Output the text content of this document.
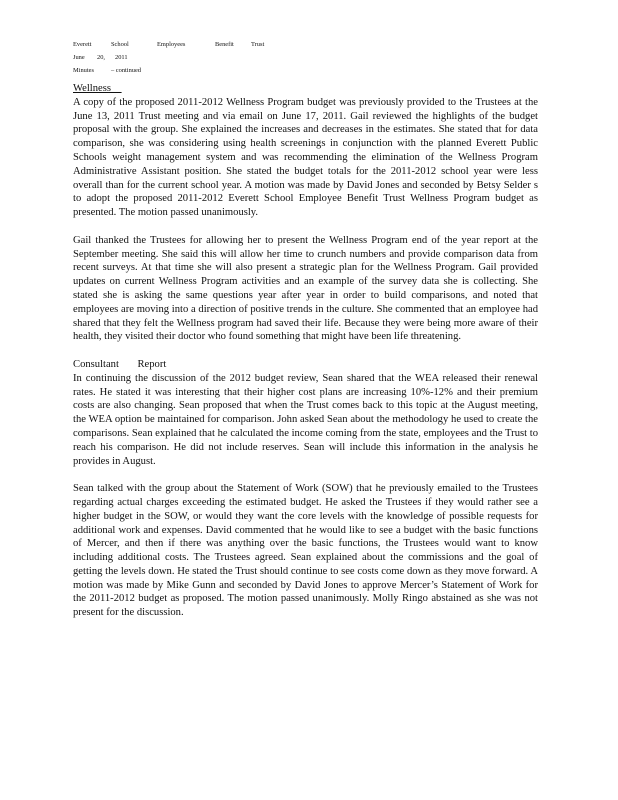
Everett	School	Employees	Benefit	Trust
June	20,	2011
Minutes	– continued

Wellness

A copy of the proposed 2011-2012 Wellness Program budget was previously provided to the Trustees at the June 13, 2011 Trust meeting and via email on June 17, 2011. Gail reviewed the highlights of the budget proposal with the group. She explained the increases and decreases in the estimates. She stated that for data comparison, she was considering using health screenings in conjunction with the planned Everett Public Schools weight management system and was recommending the elimination of the Wellness Program Administrative Assistant position. She stated the budget totals for the 2011-2012 school year were less overall than for the current school year. A motion was made by David Jones and seconded by Betsy Selder s to adopt the proposed 2011-2012 Everett School Employee Benefit Trust Wellness Program budget as presented. The motion passed unanimously.

Gail thanked the Trustees for allowing her to present the Wellness Program end of the year report at the September meeting. She said this will allow her time to crunch numbers and provide comparison data from recent surveys. At that time she will also present a strategic plan for the Wellness Program. Gail provided updates on current Wellness Program activities and an example of the survey data she is collecting. She stated she is asking the same questions year after year in order to build comparisons, and noted that employees are moving into a direction of positive trends in the culture. She commented that an employee had shared that they felt the Wellness program had saved their life. Because they were being more aware of their health, they visited their doctor who found something that might have been life threatening.

Consultant Report

In continuing the discussion of the 2012 budget review, Sean shared that the WEA released their renewal rates. He stated it was interesting that their higher cost plans are increasing 10%-12% and their premium costs are also changing. Sean proposed that when the Trust comes back to this topic at the August meeting, the WEA option be maintained for comparison. John asked Sean about the methodology he used to create the comparisons. Sean explained that he calculated the income coming from the state, employees and the Trust to reach his comparison. He did not include reserves. Sean will include this information in the analysis he provides in August.

Sean talked with the group about the Statement of Work (SOW) that he previously emailed to the Trustees regarding actual charges exceeding the estimated budget. He asked the Trustees if they would rather see a higher budget in the SOW, or would they want the core levels with the knowledge of possible requests for additional work and expenses. David commented that he would like to see a budget with the basic functions of Mercer, and then if there was anything over the basic functions, the Trustees would want to know including additional costs. The Trustees agreed. Sean explained about the commissions and the goal of getting the levels down. He stated the Trust should continue to see costs come down as they move forward. A motion was made by Mike Gunn and seconded by David Jones to approve Mercer’s Statement of Work for the 2011-2012 budget as proposed. The motion passed unanimously. Molly Ringo abstained as she was not present for the discussion.
